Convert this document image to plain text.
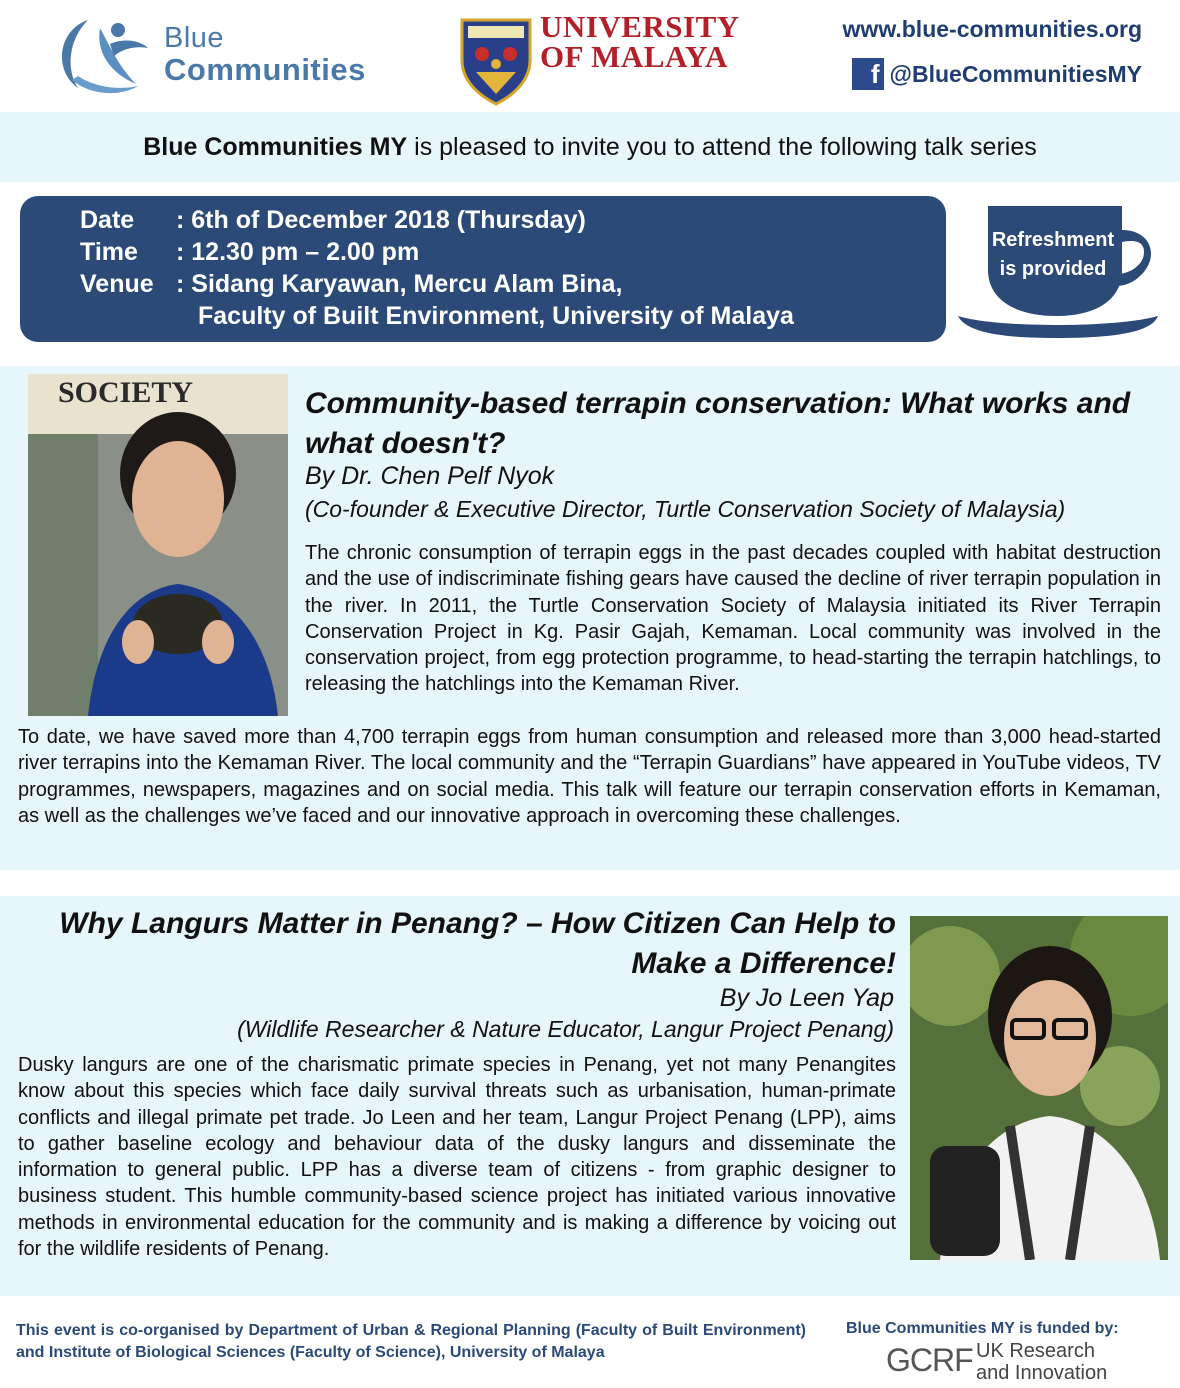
Blue
Communities
UNIVERSITY
OF MALAYA
www.blue-communities.org
f @BlueCommunitiesMY
Blue Communities MY is pleased to invite you to attend the following talk series
Date : 6th of December 2018 (Thursday)
Time : 12.30 pm – 2.00 pm
Venue : Sidang Karyawan, Mercu Alam Bina,
Faculty of Built Environment, University of Malaya
Refreshment
is provided
SOCIETY	Community-based terrapin conservation: What works and what doesn't?
By Dr. Chen Pelf Nyok
(Co-founder & Executive Director, Turtle Conservation Society of Malaysia)
The chronic consumption of terrapin eggs in the past decades coupled with habitat destruction and the use of indiscriminate fishing gears have caused the decline of river terrapin population in the river. In 2011, the Turtle Conservation Society of Malaysia initiated its River Terrapin Conservation Project in Kg. Pasir Gajah, Kemaman. Local community was involved in the conservation project, from egg protection programme, to head-starting the terrapin hatchlings, to releasing the hatchlings into the Kemaman River.
To date, we have saved more than 4,700 terrapin eggs from human consumption and released more than 3,000 head-started river terrapins into the Kemaman River. The local community and the “Terrapin Guardians” have appeared in YouTube videos, TV programmes, newspapers, magazines and on social media. This talk will feature our terrapin conservation efforts in Kemaman, as well as the challenges we’ve faced and our innovative approach in overcoming these challenges.
Why Langurs Matter in Penang? – How Citizen Can Help to Make a Difference!
By Jo Leen Yap
(Wildlife Researcher & Nature Educator, Langur Project Penang)
Dusky langurs are one of the charismatic primate species in Penang, yet not many Penangites know about this species which face daily survival threats such as urbanisation, human-primate conflicts and illegal primate pet trade. Jo Leen and her team, Langur Project Penang (LPP), aims to gather baseline ecology and behaviour data of the dusky langurs and disseminate the information to general public. LPP has a diverse team of citizens - from graphic designer to business student. This humble community-based science project has initiated various innovative methods in environmental education for the community and is making a difference by voicing out for the wildlife residents of Penang.
This event is co-organised by Department of Urban & Regional Planning (Faculty of Built Environment) and Institute of Biological Sciences (Faculty of Science), University of Malaya
Blue Communities MY is funded by:
GCRF UK Research
and Innovation
